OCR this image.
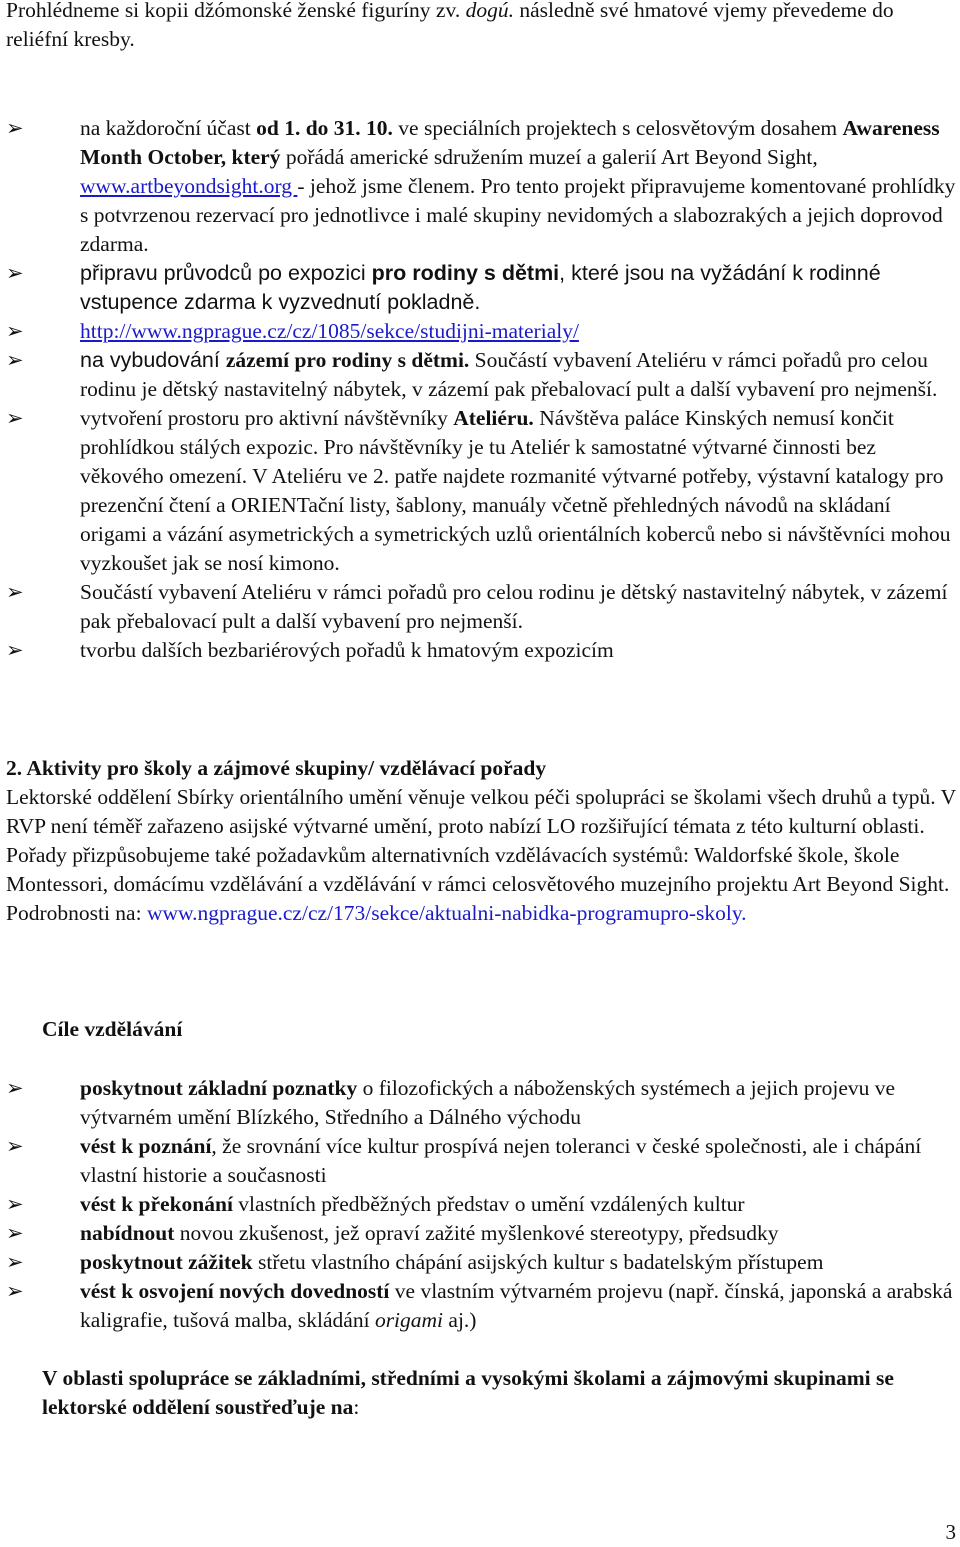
Prohlédneme si kopii džómonské ženské figuríny zv. dogú. následně své hmatové vjemy převedeme do reliéfní kresby.

➢	na každoroční účast od 1. do 31. 10. ve speciálních projektech s celosvětovým dosahem Awareness Month October, který pořádá americké sdružením muzeí a galerií Art Beyond Sight, www.artbeyondsight.org - jehož jsme členem. Pro tento projekt připravujeme komentované prohlídky s potvrzenou rezervací pro jednotlivce i malé skupiny nevidomých a slabozrakých a jejich doprovod zdarma.
➢	připravu průvodců po expozici pro rodiny s dětmi, které jsou na vyžádání k rodinné vstupence zdarma k vyzvednutí pokladně.
➢	http://www.ngprague.cz/cz/1085/sekce/studijni-materialy/
➢	na vybudování zázemí pro rodiny s dětmi. Součástí vybavení Ateliéru v rámci pořadů pro celou rodinu je dětský nastavitelný nábytek, v zázemí pak přebalovací pult a další vybavení pro nejmenší.
➢	vytvoření prostoru pro aktivní návštěvníky Ateliéru. Návštěva paláce Kinských nemusí končit prohlídkou stálých expozic. Pro návštěvníky je tu Ateliér k samostatné výtvarné činnosti bez věkového omezení. V Ateliéru ve 2. patře najdete rozmanité výtvarné potřeby, výstavní katalogy pro prezenční čtení a ORIENTační listy, šablony, manuály včetně přehledných návodů na skládaní origami a vázání asymetrických a symetrických uzlů orientálních koberců nebo si návštěvníci mohou vyzkoušet jak se nosí kimono.
➢	Součástí vybavení Ateliéru v rámci pořadů pro celou rodinu je dětský nastavitelný nábytek, v zázemí pak přebalovací pult a další vybavení pro nejmenší.
➢	tvorbu dalších bezbariérových pořadů k hmatovým expozicím

2. Aktivity pro školy a zájmové skupiny/ vzdělávací pořady

Lektorské oddělení Sbírky orientálního umění věnuje velkou péči spolupráci se školami všech druhů a typů. V RVP není téměř zařazeno asijské výtvarné umění, proto nabízí LO rozšiřující témata z této kulturní oblasti. Pořady přizpůsobujeme také požadavkům alternativních vzdělávacích systémů: Waldorfské škole, škole Montessori, domácímu vzdělávání a vzdělávání v rámci celosvětového muzejního projektu Art Beyond Sight. Podrobnosti na: www.ngprague.cz/cz/173/sekce/aktualni-nabidka-programupro-skoly.

Cíle vzdělávání
➢	poskytnout základní poznatky o filozofických a náboženských systémech a jejich projevu ve výtvarném umění Blízkého, Středního a Dálného východu
➢	vést k poznání, že srovnání více kultur prospívá nejen toleranci v české společnosti, ale i chápání vlastní historie a současnosti
➢	vést k překonání vlastních předběžných představ o umění vzdálených kultur
➢	nabídnout novou zkušenost, jež opraví zažité myšlenkové stereotypy, předsudky
➢	poskytnout zážitek střetu vlastního chápání asijských kultur s badatelským přístupem
➢	vést k osvojení nových dovedností ve vlastním výtvarném projevu (např. čínská, japonská a arabská kaligrafie, tušová malba, skládání origami aj.)
V oblasti spolupráce se základními, středními a vysokými školami a zájmovými skupinami se lektorské oddělení soustřeďuje na:
3
